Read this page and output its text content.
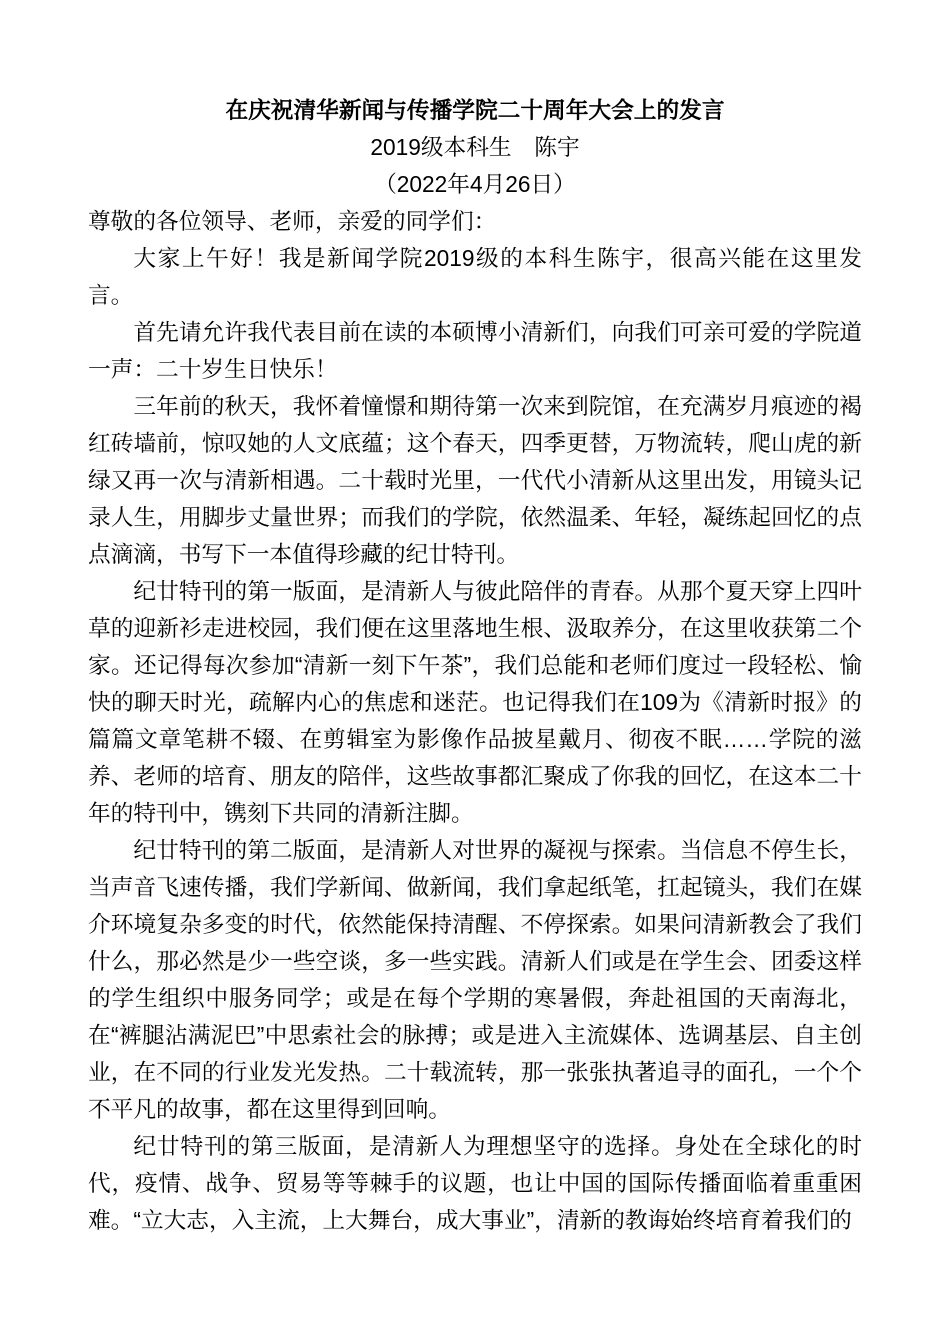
在庆祝清华新闻与传播学院二十周年大会上的发言
2019级本科生　陈宇
（2022年4月26日）

尊敬的各位领导、老师，亲爱的同学们：

大家上午好！我是新闻学院2019级的本科生陈宇，很高兴能在这里发言。

首先请允许我代表目前在读的本硕博小清新们，向我们可亲可爱的学院道一声：二十岁生日快乐！

三年前的秋天，我怀着憧憬和期待第一次来到院馆，在充满岁月痕迹的褐红砖墙前，惊叹她的人文底蕴；这个春天，四季更替，万物流转，爬山虎的新绿又再一次与清新相遇。二十载时光里，一代代小清新从这里出发，用镜头记录人生，用脚步丈量世界；而我们的学院，依然温柔、年轻，凝练起回忆的点点滴滴，书写下一本值得珍藏的纪廿特刊。

纪廿特刊的第一版面，是清新人与彼此陪伴的青春。从那个夏天穿上四叶草的迎新衫走进校园，我们便在这里落地生根、汲取养分，在这里收获第二个家。还记得每次参加“清新一刻下午茶”，我们总能和老师们度过一段轻松、愉快的聊天时光，疏解内心的焦虑和迷茫。也记得我们在109为《清新时报》的篇篇文章笔耕不辍、在剪辑室为影像作品披星戴月、彻夜不眠……学院的滋养、老师的培育、朋友的陪伴，这些故事都汇聚成了你我的回忆，在这本二十年的特刊中，镌刻下共同的清新注脚。

纪廿特刊的第二版面，是清新人对世界的凝视与探索。当信息不停生长，当声音飞速传播，我们学新闻、做新闻，我们拿起纸笔，扛起镜头，我们在媒介环境复杂多变的时代，依然能保持清醒、不停探索。如果问清新教会了我们什么，那必然是少一些空谈，多一些实践。清新人们或是在学生会、团委这样的学生组织中服务同学；或是在每个学期的寒暑假，奔赴祖国的天南海北，在“裤腿沾满泥巴”中思索社会的脉搏；或是进入主流媒体、选调基层、自主创业，在不同的行业发光发热。二十载流转，那一张张执著追寻的面孔，一个个不平凡的故事，都在这里得到回响。

纪廿特刊的第三版面，是清新人为理想坚守的选择。身处在全球化的时代，疫情、战争、贸易等等棘手的议题，也让中国的国际传播面临着重重困难。“立大志，入主流，上大舞台，成大事业”，清新的教诲始终培育着我们的
